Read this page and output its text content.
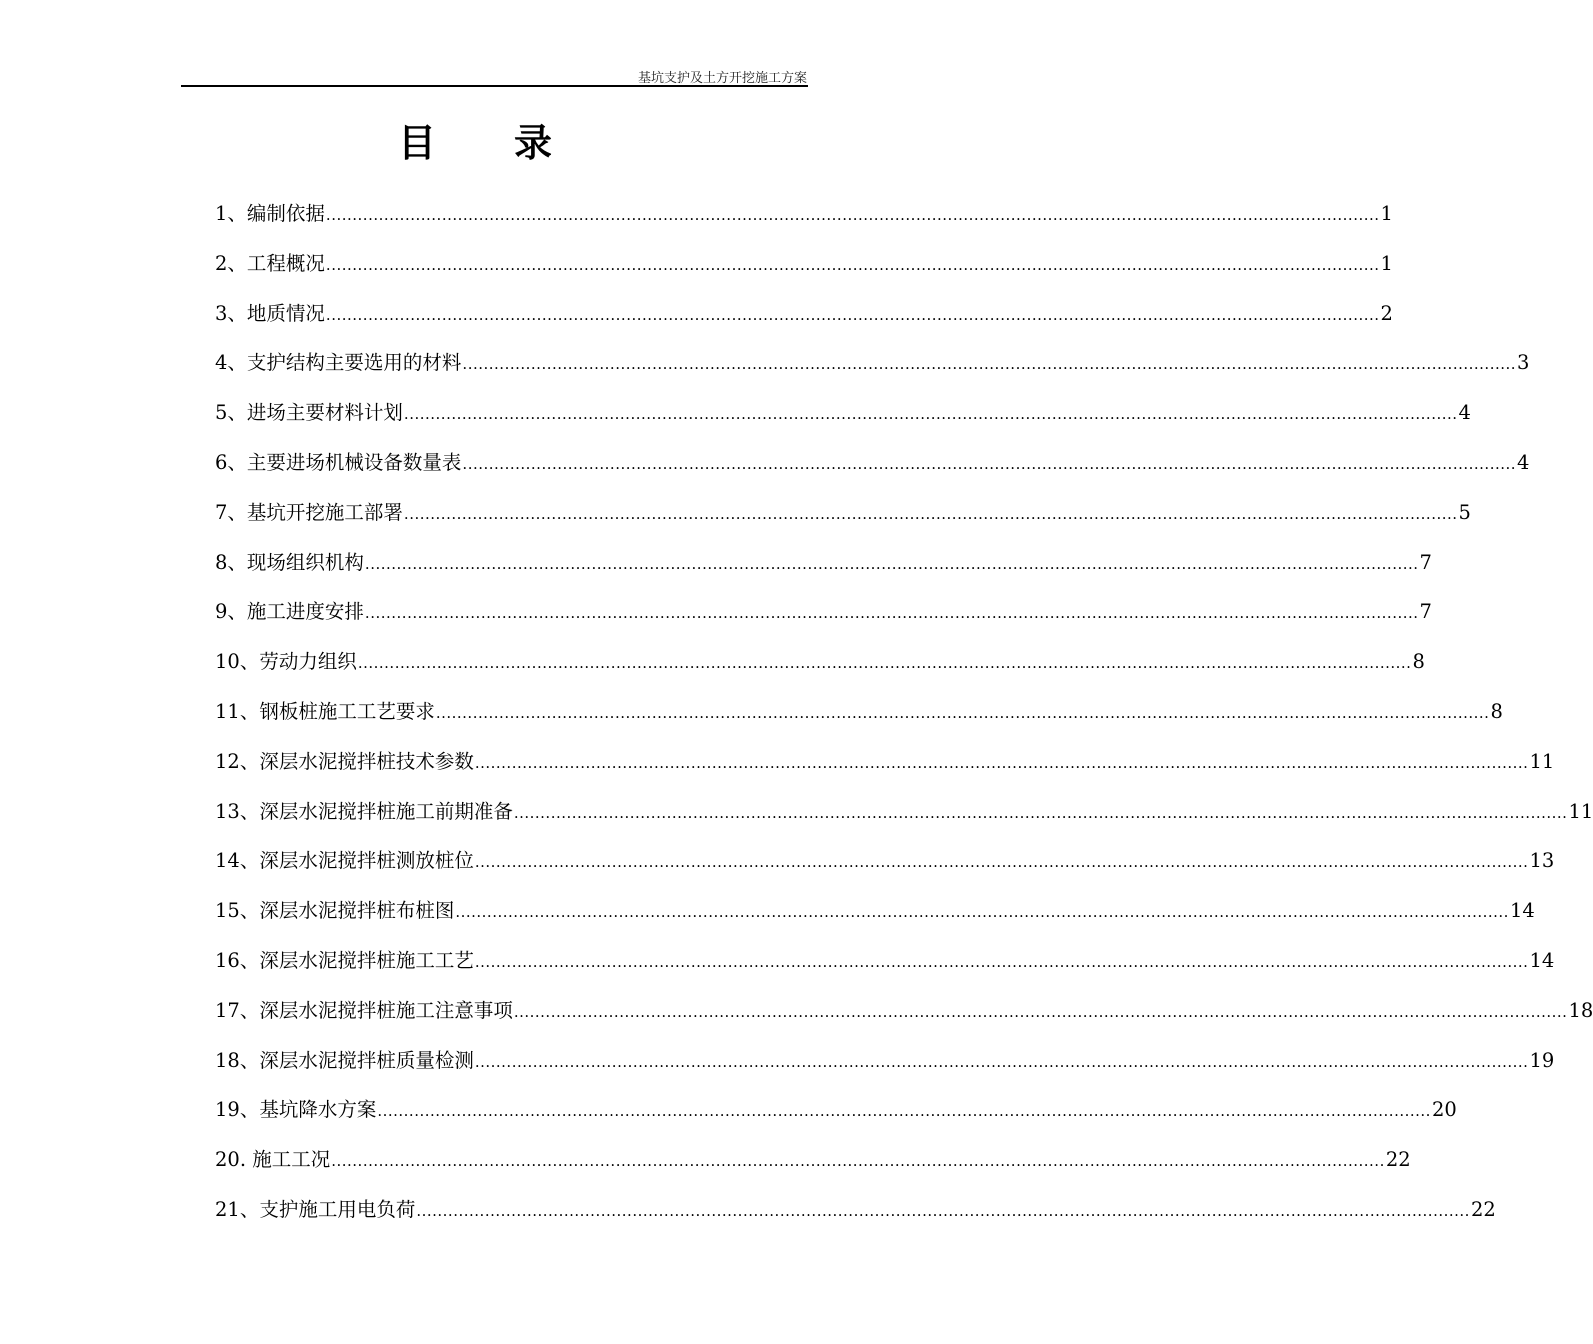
基坑支护及土方开挖施工方案
目录
1、编制依据 ........................................................................................................................................................................................................ 1
2、工程概况 ........................................................................................................................................................................................................ 1
3、地质情况 ........................................................................................................................................................................................................ 2
4、支护结构主要选用的材料 ........................................................................................................................................................................................................ 3
5、进场主要材料计划 ........................................................................................................................................................................................................ 4
6、主要进场机械设备数量表 ........................................................................................................................................................................................................ 4
7、基坑开挖施工部署 ........................................................................................................................................................................................................ 5
8、现场组织机构 ........................................................................................................................................................................................................ 7
9、施工进度安排 ........................................................................................................................................................................................................ 7
10、劳动力组织 ........................................................................................................................................................................................................ 8
11、钢板桩施工工艺要求 ........................................................................................................................................................................................................ 8
12、深层水泥搅拌桩技术参数 ........................................................................................................................................................................................................ 11
13、深层水泥搅拌桩施工前期准备 ........................................................................................................................................................................................................ 11
14、深层水泥搅拌桩测放桩位 ........................................................................................................................................................................................................ 13
15、深层水泥搅拌桩布桩图 ........................................................................................................................................................................................................ 14
16、深层水泥搅拌桩施工工艺 ........................................................................................................................................................................................................ 14
17、深层水泥搅拌桩施工注意事项 ........................................................................................................................................................................................................ 18
18、深层水泥搅拌桩质量检测 ........................................................................................................................................................................................................ 19
19、基坑降水方案 ........................................................................................................................................................................................................ 20
20. 施工工况 ........................................................................................................................................................................................................ 22
21、支护施工用电负荷 ........................................................................................................................................................................................................ 22
